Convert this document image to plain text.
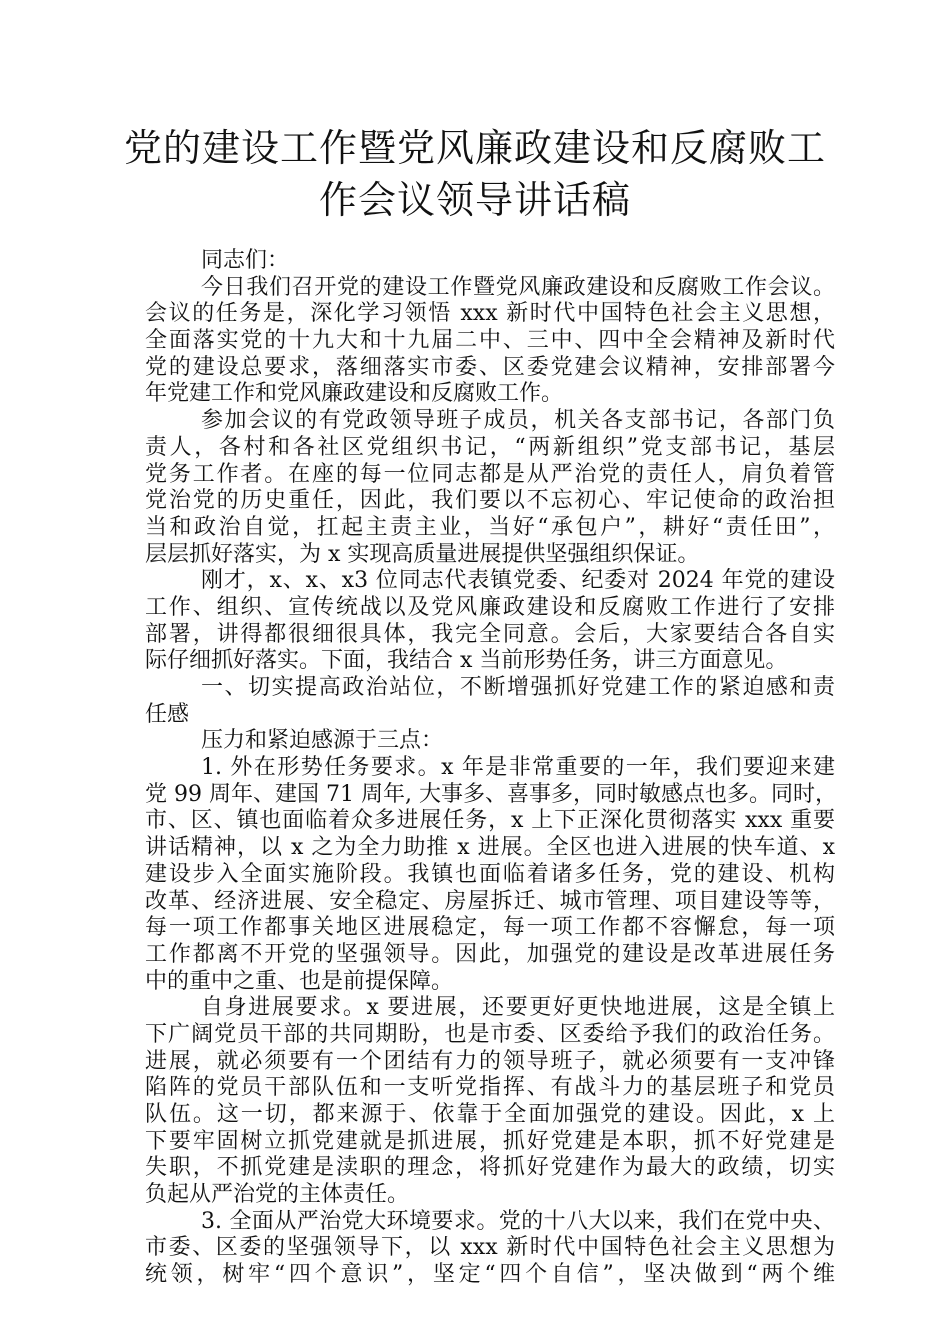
党的建设工作暨党风廉政建设和反腐败工
作会议领导讲话稿
同志们：
今日我们召开党的建设工作暨党风廉政建设和反腐败工作会议。
会议的任务是，深化学习领悟 xxx 新时代中国特色社会主义思想，
全面落实党的十九大和十九届二中、三中、四中全会精神及新时代
党的建设总要求，落细落实市委、区委党建会议精神，安排部署今
年党建工作和党风廉政建设和反腐败工作。
参加会议的有党政领导班子成员，机关各支部书记，各部门负
责人，各村和各社区党组织书记，“两新组织”党支部书记，基层
党务工作者。在座的每一位同志都是从严治党的责任人，肩负着管
党治党的历史重任，因此，我们要以不忘初心、牢记使命的政治担
当和政治自觉，扛起主责主业，当好“承包户”，耕好“责任田”，
层层抓好落实，为 x 实现高质量进展提供坚强组织保证。
刚才，x、x、x3 位同志代表镇党委、纪委对 2024 年党的建设
工作、组织、宣传统战以及党风廉政建设和反腐败工作进行了安排
部署，讲得都很细很具体，我完全同意。会后，大家要结合各自实
际仔细抓好落实。下面，我结合 x 当前形势任务，讲三方面意见。
一、切实提高政治站位，不断增强抓好党建工作的紧迫感和责
任感
压力和紧迫感源于三点：
1. 外在形势任务要求。x 年是非常重要的一年，我们要迎来建
党 99 周年、建国 71 周年, 大事多、喜事多，同时敏感点也多。同时，
市、区、镇也面临着众多进展任务，x 上下正深化贯彻落实 xxx 重要
讲话精神，以 x 之为全力助推 x 进展。全区也进入进展的快车道、x
建设步入全面实施阶段。我镇也面临着诸多任务，党的建设、机构
改革、经济进展、安全稳定、房屋拆迁、城市管理、项目建设等等，
每一项工作都事关地区进展稳定，每一项工作都不容懈怠，每一项
工作都离不开党的坚强领导。因此，加强党的建设是改革进展任务
中的重中之重、也是前提保障。
自身进展要求。x 要进展，还要更好更快地进展，这是全镇上
下广阔党员干部的共同期盼，也是市委、区委给予我们的政治任务。
进展，就必须要有一个团结有力的领导班子，就必须要有一支冲锋
陷阵的党员干部队伍和一支听党指挥、有战斗力的基层班子和党员
队伍。这一切，都来源于、依靠于全面加强党的建设。因此，x 上
下要牢固树立抓党建就是抓进展，抓好党建是本职，抓不好党建是
失职，不抓党建是渎职的理念，将抓好党建作为最大的政绩，切实
负起从严治党的主体责任。
3. 全面从严治党大环境要求。党的十八大以来，我们在党中央、
市委、区委的坚强领导下，以 xxx 新时代中国特色社会主义思想为
统领，树牢“四个意识”，坚定“四个自信”，坚决做到“两个维
